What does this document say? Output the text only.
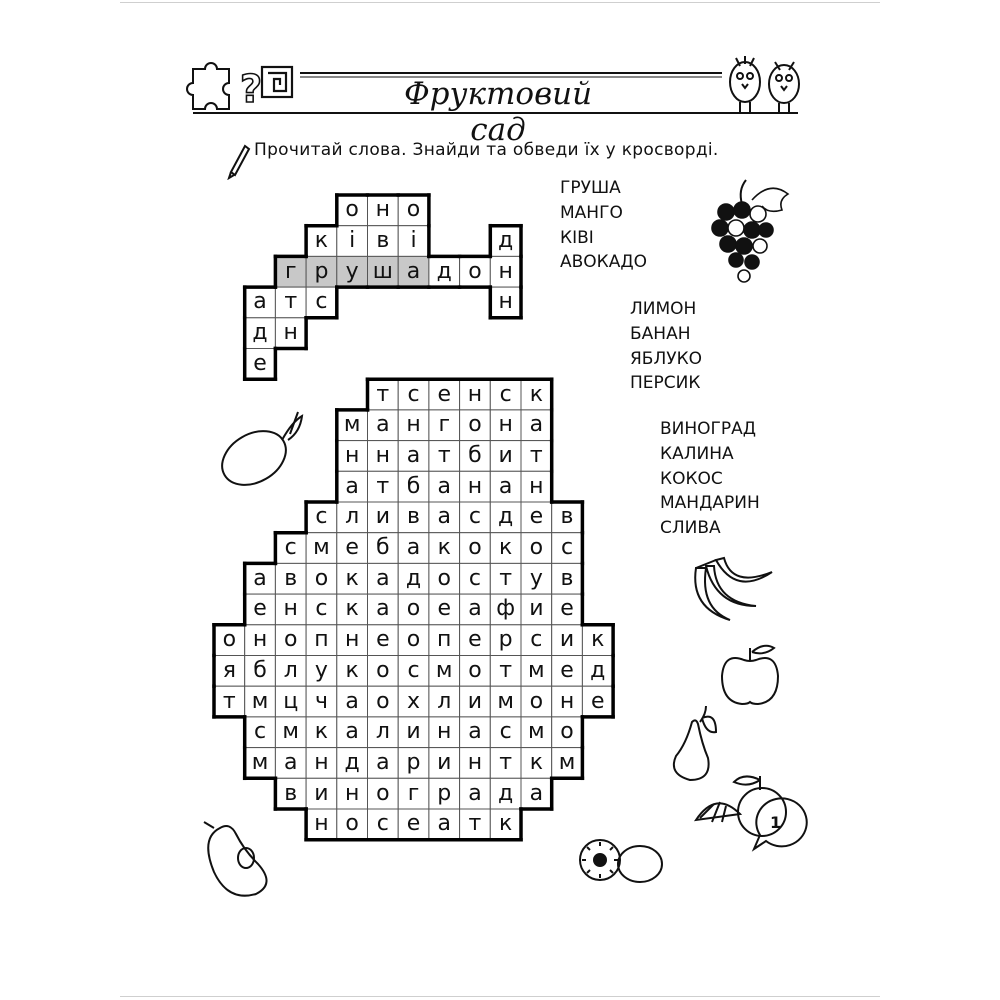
?	Фруктовий сад
Прочитай слова. Знайди та обведи їх у кросворді.
ГРУША
МАНГО
КІВІ
АВОКАДО
ЛИМОН
БАНАН
ЯБЛУКО
ПЕРСИК
ВИНОГРАД
КАЛИНА
КОКОС
МАНДАРИН
СЛИВА
о н о
к і в і
г р у ш а д о
а т с
д н
е
т с е н с к
м а н г о н а
н н а т б и т
а т б а н а н
с л и в а с д е в
с м е б а к о к о с
а в о к а д о с т у в
е н с к а о е а ф и е
о н о п н е о п е р с и к
я б л у к о с м о т м е д
т м ц ч а о х л и м о н е
с м к а л и н а с м о
м а н д а р и н т к м
в и н о г р а д а
н о с е а т к
д
н
н
1
